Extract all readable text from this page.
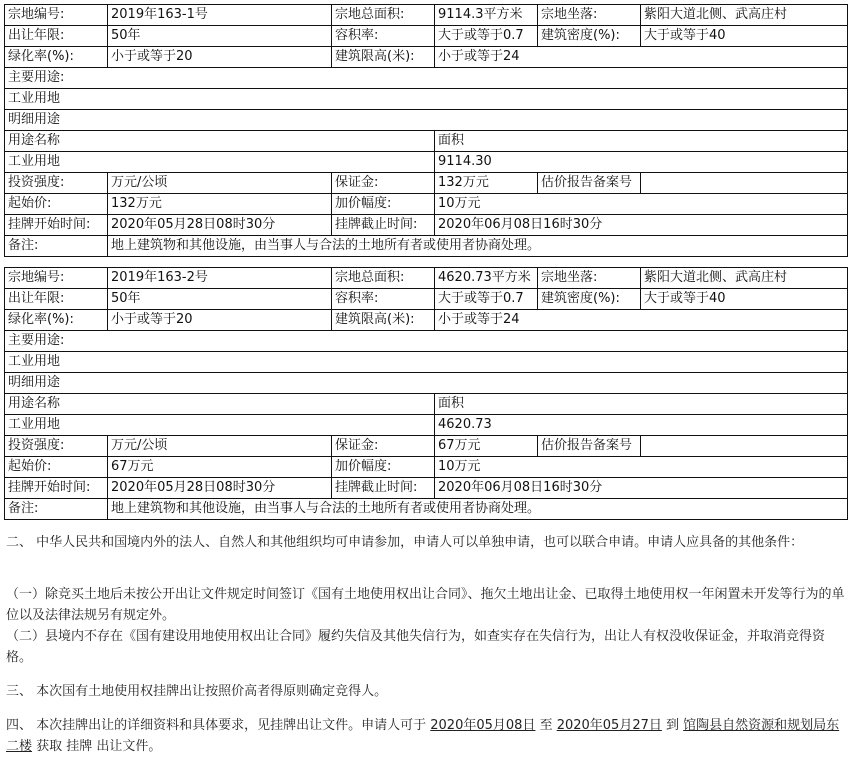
宗地编号:	2019年163-1号	宗地总面积:	9114.3平方米	宗地坐落:	紫阳大道北侧、武高庄村
出让年限:	50年	容积率:	大于或等于0.7	建筑密度(%):	大于或等于40
绿化率(%):	小于或等于20	建筑限高(米):	小于或等于24		
主要用途:					
工业用地					
明细用途					
用途名称			面积		
工业用地			9114.30		
投资强度:	万元/公顷	保证金:	132万元	估价报告备案号	
起始价:	132万元	加价幅度:	10万元		
挂牌开始时间:	2020年05月28日08时30分	挂牌截止时间:	2020年06月08日16时30分		
备注:	地上建筑物和其他设施，由当事人与合法的土地所有者或使用者协商处理。				
宗地编号:	2019年163-2号	宗地总面积:	4620.73平方米	宗地坐落:	紫阳大道北侧、武高庄村
出让年限:	50年	容积率:	大于或等于0.7	建筑密度(%):	大于或等于40
绿化率(%):	小于或等于20	建筑限高(米):	小于或等于24		
主要用途:					
工业用地					
明细用途					
用途名称			面积		
工业用地			4620.73		
投资强度:	万元/公顷	保证金:	67万元	估价报告备案号	
起始价:	67万元	加价幅度:	10万元		
挂牌开始时间:	2020年05月28日08时30分	挂牌截止时间:	2020年06月08日16时30分		
备注:	地上建筑物和其他设施，由当事人与合法的土地所有者或使用者协商处理。				

二、 中华人民共和国境内外的法人、自然人和其他组织均可申请参加，申请人可以单独申请，也可以联合申请。申请人应具备的其他条件：

（一）除竞买土地后未按公开出让文件规定时间签订《国有土地使用权出让合同》、拖欠土地出让金、已取得土地使用权一年闲置未开发等行为的单位以及法律法规另有规定外。

（二）县境内不存在《国有建设用地使用权出让合同》履约失信及其他失信行为，如查实存在失信行为，出让人有权没收保证金，并取消竞得资格。

三、 本次国有土地使用权挂牌出让按照价高者得原则确定竞得人。

四、 本次挂牌出让的详细资料和具体要求，见挂牌出让文件。申请人可于 2020年05月08日 至 2020年05月27日 到 馆陶县自然资源和规划局东二楼 获取 挂牌 出让文件。
